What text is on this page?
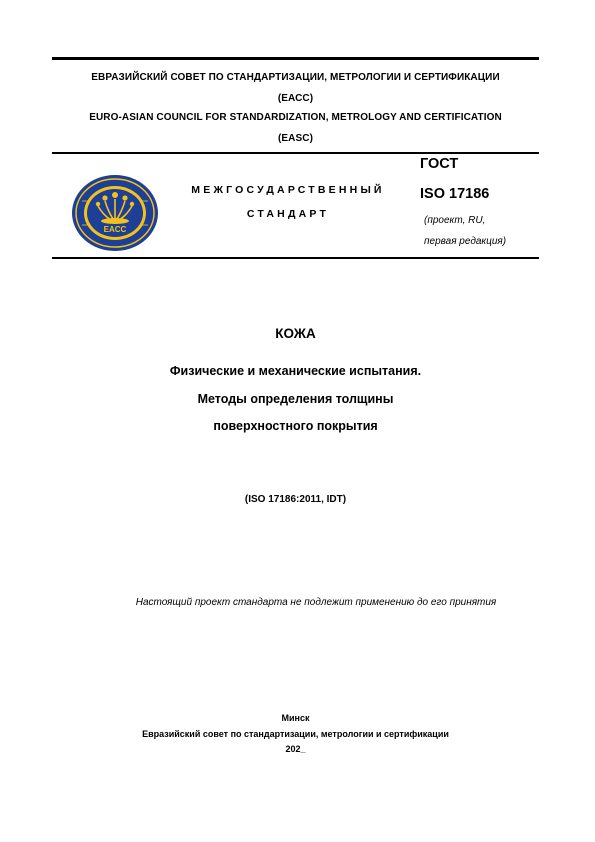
ЕВРАЗИЙСКИЙ СОВЕТ ПО СТАНДАРТИЗАЦИИ, МЕТРОЛОГИИ И СЕРТИФИКАЦИИ
(ЕАСС)
EURO-ASIAN COUNCIL FOR STANDARDIZATION, METROLOGY AND CERTIFICATION
(EASC)
EACC
МЕЖГОСУДАРСТВЕННЫЙ
СТАНДАРТ
ГОСТ
ISO 17186
(проект, RU,
первая редакция)
КОЖА
Физические и механические испытания.
Методы определения толщины
поверхностного покрытия
(ISO 17186:2011, IDT)
Настоящий проект стандарта не подлежит применению до его принятия
Минск
Евразийский совет по стандартизации, метрологии и сертификации
202_
